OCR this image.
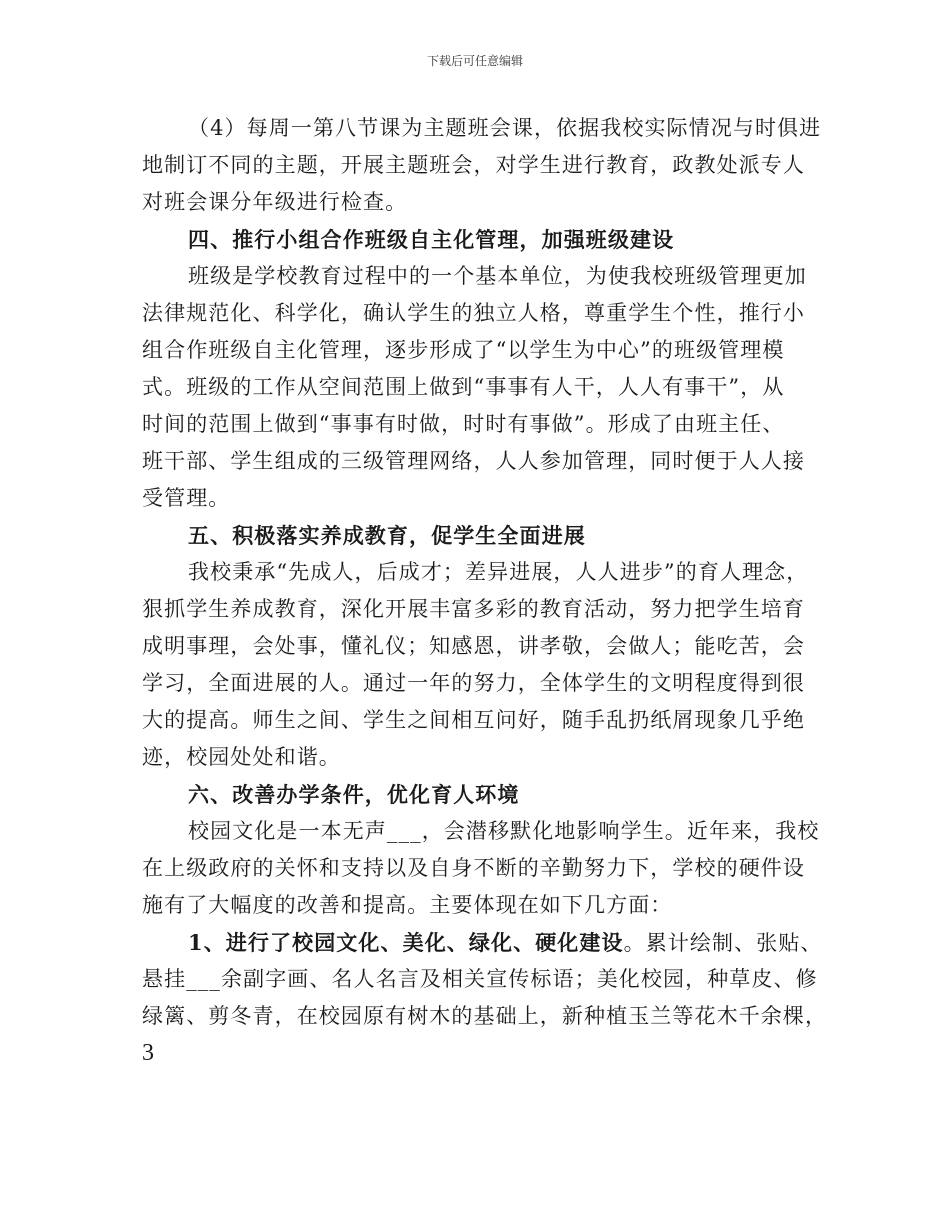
下载后可任意编辑
（4）每周一第八节课为主题班会课，依据我校实际情况与时俱进
地制订不同的主题，开展主题班会，对学生进行教育，政教处派专人
对班会课分年级进行检查。
四、推行小组合作班级自主化管理，加强班级建设
班级是学校教育过程中的一个基本单位，为使我校班级管理更加
法律规范化、科学化，确认学生的独立人格，尊重学生个性，推行小
组合作班级自主化管理，逐步形成了“以学生为中心”的班级管理模
式。班级的工作从空间范围上做到“事事有人干，人人有事干”，从
时间的范围上做到“事事有时做，时时有事做”。形成了由班主任、
班干部、学生组成的三级管理网络，人人参加管理，同时便于人人接
受管理。
五、积极落实养成教育，促学生全面进展
我校秉承“先成人，后成才；差异进展，人人进步”的育人理念，
狠抓学生养成教育，深化开展丰富多彩的教育活动，努力把学生培育
成明事理，会处事，懂礼仪；知感恩，讲孝敬，会做人；能吃苦，会
学习，全面进展的人。通过一年的努力，全体学生的文明程度得到很
大的提高。师生之间、学生之间相互问好，随手乱扔纸屑现象几乎绝
迹，校园处处和谐。
六、改善办学条件，优化育人环境
校园文化是一本无声___，会潜移默化地影响学生。近年来，我校
在上级政府的关怀和支持以及自身不断的辛勤努力下，学校的硬件设
施有了大幅度的改善和提高。主要体现在如下几方面：
1、进行了校园文化、美化、绿化、硬化建设。累计绘制、张贴、
悬挂___余副字画、名人名言及相关宣传标语；美化校园，种草皮、修
绿篱、剪冬青，在校园原有树木的基础上，新种植玉兰等花木千余棵，
3
